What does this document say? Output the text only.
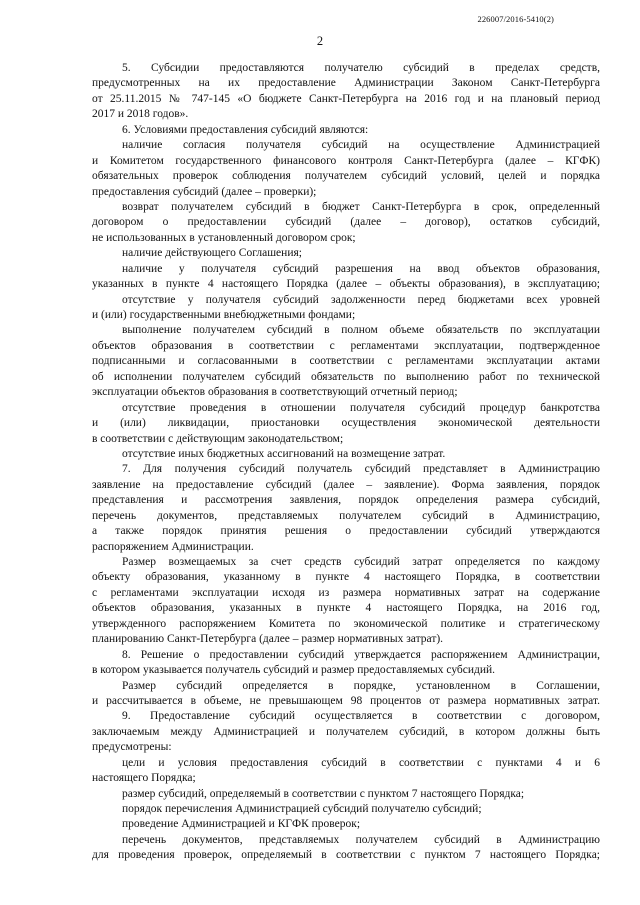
226007/2016-5410(2)
2
5. Субсидии предоставляются получателю субсидий в пределах средств,
предусмотренных на их предоставление Администрации Законом Санкт-Петербурга
от 25.11.2015 № 747-145 «О бюджете Санкт-Петербурга на 2016 год и на плановый период
2017 и 2018 годов».
6. Условиями предоставления субсидий являются:
наличие согласия получателя субсидий на осуществление Администрацией
и Комитетом государственного финансового контроля Санкт-Петербурга (далее – КГФК)
обязательных проверок соблюдения получателем субсидий условий, целей и порядка
предоставления субсидий (далее – проверки);
возврат получателем субсидий в бюджет Санкт-Петербурга в срок, определенный
договором о предоставлении субсидий (далее – договор), остатков субсидий,
не использованных в установленный договором срок;
наличие действующего Соглашения;
наличие у получателя субсидий разрешения на ввод объектов образования,
указанных в пункте 4 настоящего Порядка (далее – объекты образования), в эксплуатацию;
отсутствие у получателя субсидий задолженности перед бюджетами всех уровней
и (или) государственными внебюджетными фондами;
выполнение получателем субсидий в полном объеме обязательств по эксплуатации
объектов образования в соответствии с регламентами эксплуатации, подтвержденное
подписанными и согласованными в соответствии с регламентами эксплуатации актами
об исполнении получателем субсидий обязательств по выполнению работ по технической
эксплуатации объектов образования в соответствующий отчетный период;
отсутствие проведения в отношении получателя субсидий процедур банкротства
и (или) ликвидации, приостановки осуществления экономической деятельности
в соответствии с действующим законодательством;
отсутствие иных бюджетных ассигнований на возмещение затрат.
7. Для получения субсидий получатель субсидий представляет в Администрацию
заявление на предоставление субсидий (далее – заявление). Форма заявления, порядок
представления и рассмотрения заявления, порядок определения размера субсидий,
перечень документов, представляемых получателем субсидий в Администрацию,
а также порядок принятия решения о предоставлении субсидий утверждаются
распоряжением Администрации.
Размер возмещаемых за счет средств субсидий затрат определяется по каждому
объекту образования, указанному в пункте 4 настоящего Порядка, в соответствии
с регламентами эксплуатации исходя из размера нормативных затрат на содержание
объектов образования, указанных в пункте 4 настоящего Порядка, на 2016 год,
утвержденного распоряжением Комитета по экономической политике и стратегическому
планированию Санкт-Петербурга (далее – размер нормативных затрат).
8. Решение о предоставлении субсидий утверждается распоряжением Администрации,
в котором указывается получатель субсидий и размер предоставляемых субсидий.
Размер субсидий определяется в порядке, установленном в Соглашении,
и рассчитывается в объеме, не превышающем 98 процентов от размера нормативных затрат.
9. Предоставление субсидий осуществляется в соответствии с договором,
заключаемым между Администрацией и получателем субсидий, в котором должны быть
предусмотрены:
цели и условия предоставления субсидий в соответствии с пунктами 4 и 6
настоящего Порядка;
размер субсидий, определяемый в соответствии с пунктом 7 настоящего Порядка;
порядок перечисления Администрацией субсидий получателю субсидий;
проведение Администрацией и КГФК проверок;
перечень документов, представляемых получателем субсидий в Администрацию
для проведения проверок, определяемый в соответствии с пунктом 7 настоящего Порядка;
